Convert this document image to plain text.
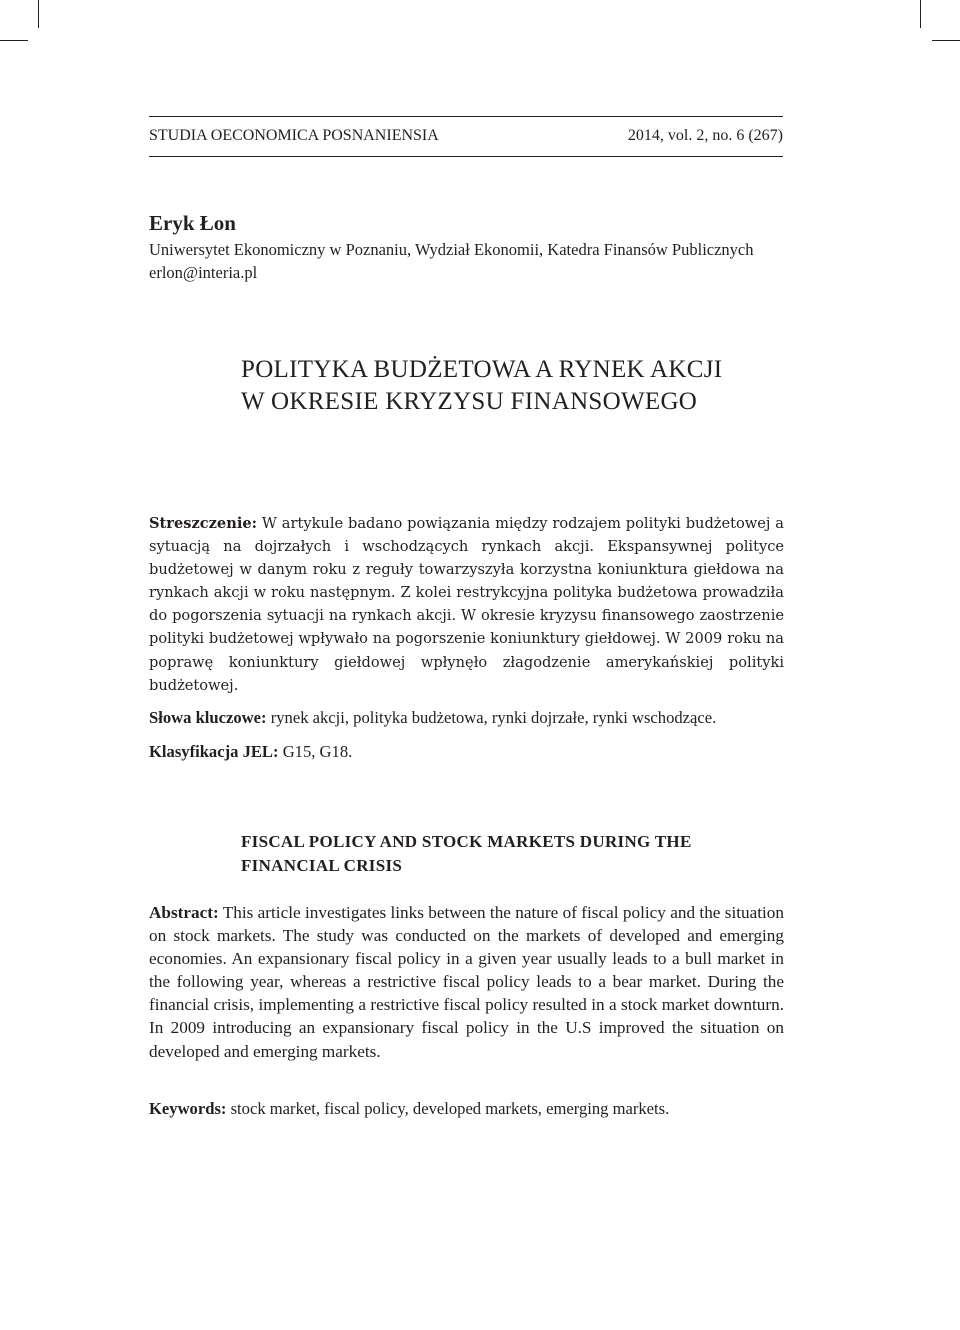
STUDIA OECONOMICA POSNANIENSIA	2014, vol. 2, no. 6 (267)
Eryk Łon
Uniwersytet Ekonomiczny w Poznaniu, Wydział Ekonomii, Katedra Finansów Publicznych
erlon@interia.pl
POLITYKA BUDŻETOWA A RYNEK AKCJI
W OKRESIE KRYZYSU FINANSOWEGO
Streszczenie: W artykule badano powiązania między rodzajem polityki budżetowej a sytuacją na dojrzałych i wschodzących rynkach akcji. Ekspansywnej polityce budżetowej w danym roku z reguły towarzyszyła korzystna koniunktura giełdowa na rynkach akcji w roku następnym. Z kolei restrykcyjna polityka budżetowa prowadziła do pogorszenia sytuacji na rynkach akcji. W okresie kryzysu finansowego zaostrzenie polityki budżetowej wpływało na pogorszenie koniunktury giełdowej. W 2009 roku na poprawę koniunktury giełdowej wpłynęło złagodzenie amerykańskiej polityki budżetowej.
Słowa kluczowe: rynek akcji, polityka budżetowa, rynki dojrzałe, rynki wschodzące.
Klasyfikacja JEL: G15, G18.
FISCAL POLICY AND STOCK MARKETS DURING THE
FINANCIAL CRISIS
Abstract: This article investigates links between the nature of fiscal policy and the situation on stock markets. The study was conducted on the markets of developed and emerging economies. An expansionary fiscal policy in a given year usually leads to a bull market in the following year, whereas a restrictive fiscal policy leads to a bear market. During the financial crisis, implementing a restrictive fiscal policy resulted in a stock market downturn. In 2009 introducing an expansionary fiscal policy in the U.S improved the situation on developed and emerging markets.
Keywords: stock market, fiscal policy, developed markets, emerging markets.
